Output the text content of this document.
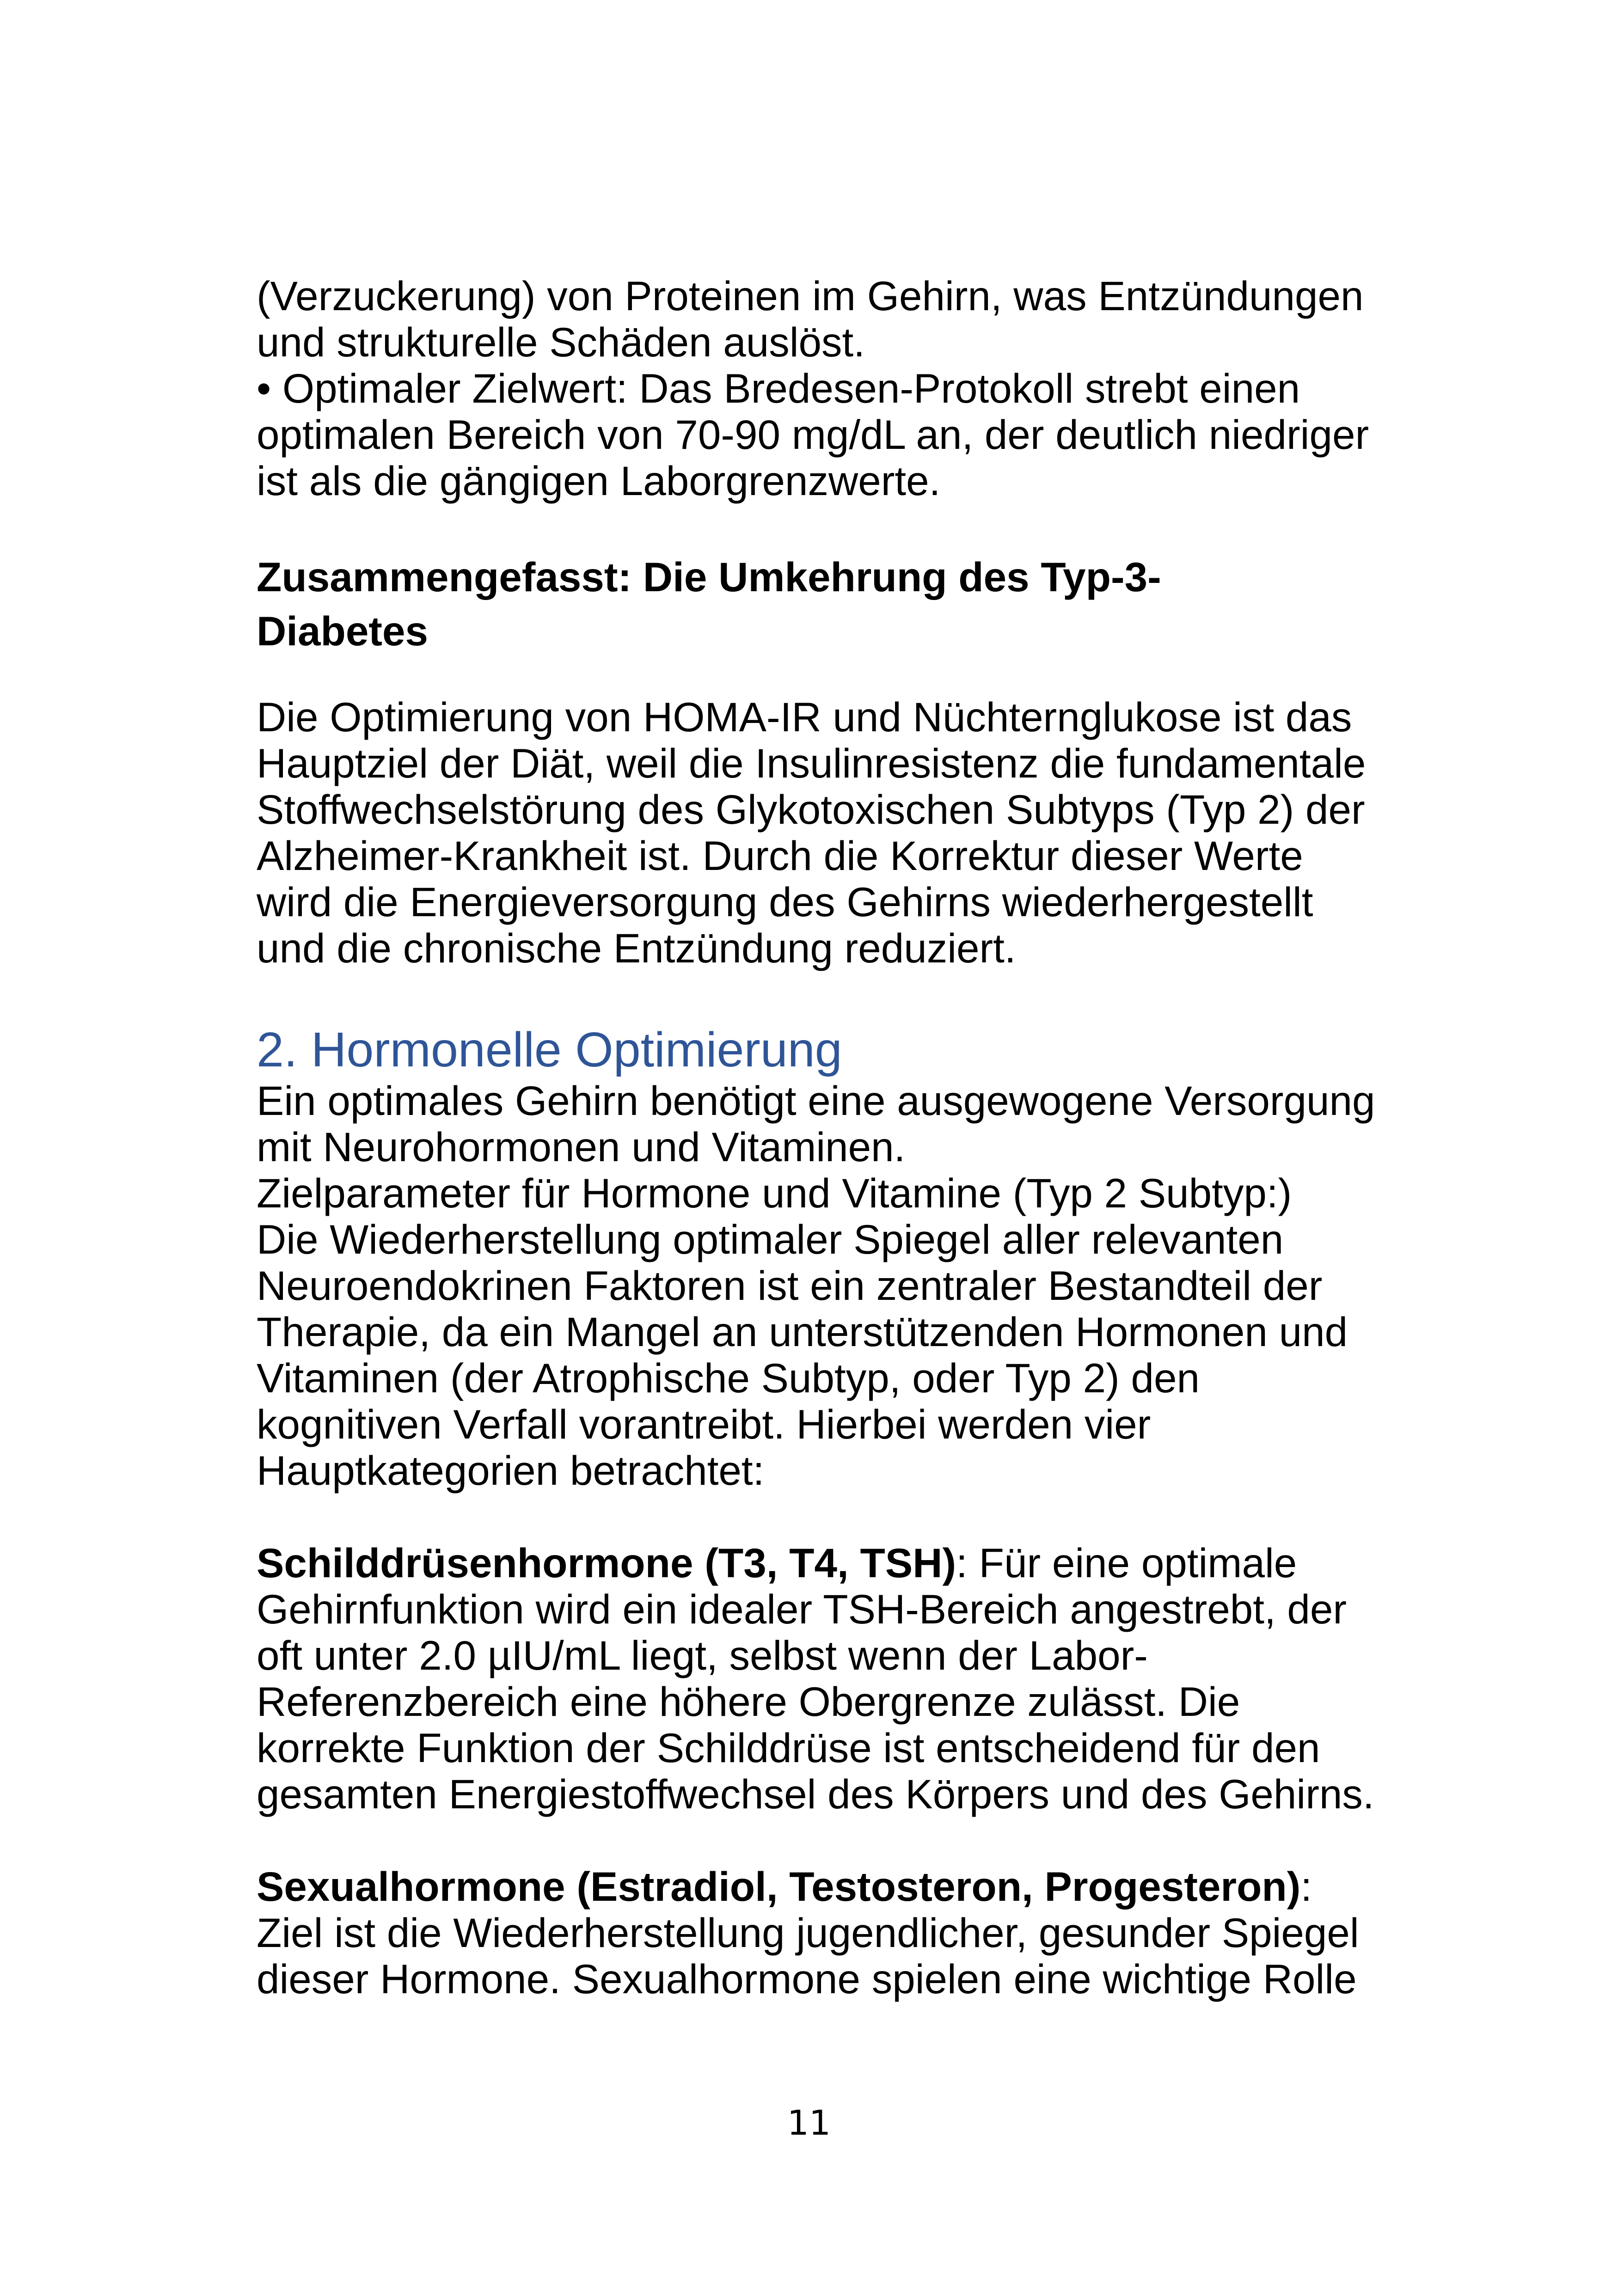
(Verzuckerung) von Proteinen im Gehirn, was Entzündungen
und strukturelle Schäden auslöst.
• Optimaler Zielwert: Das Bredesen-Protokoll strebt einen
optimalen Bereich von 70-90 mg/dL an, der deutlich niedriger
ist als die gängigen Laborgrenzwerte.
Zusammengefasst: Die Umkehrung des Typ-3-
Diabetes
Die Optimierung von HOMA-IR und Nüchternglukose ist das
Hauptziel der Diät, weil die Insulinresistenz die fundamentale
Stoffwechselstörung des Glykotoxischen Subtyps (Typ 2) der
Alzheimer-Krankheit ist. Durch die Korrektur dieser Werte
wird die Energieversorgung des Gehirns wiederhergestellt
und die chronische Entzündung reduziert.
2. Hormonelle Optimierung
Ein optimales Gehirn benötigt eine ausgewogene Versorgung
mit Neurohormonen und Vitaminen.
Zielparameter für Hormone und Vitamine (Typ 2 Subtyp:)
Die Wiederherstellung optimaler Spiegel aller relevanten
Neuroendokrinen Faktoren ist ein zentraler Bestandteil der
Therapie, da ein Mangel an unterstützenden Hormonen und
Vitaminen (der Atrophische Subtyp, oder Typ 2) den
kognitiven Verfall vorantreibt. Hierbei werden vier
Hauptkategorien betrachtet:
Schilddrüsenhormone (T3, T4, TSH): Für eine optimale
Gehirnfunktion wird ein idealer TSH-Bereich angestrebt, der
oft unter 2.0 µIU/mL liegt, selbst wenn der Labor-
Referenzbereich eine höhere Obergrenze zulässt. Die
korrekte Funktion der Schilddrüse ist entscheidend für den
gesamten Energiestoffwechsel des Körpers und des Gehirns.
Sexualhormone (Estradiol, Testosteron, Progesteron):
Ziel ist die Wiederherstellung jugendlicher, gesunder Spiegel
dieser Hormone. Sexualhormone spielen eine wichtige Rolle
11
